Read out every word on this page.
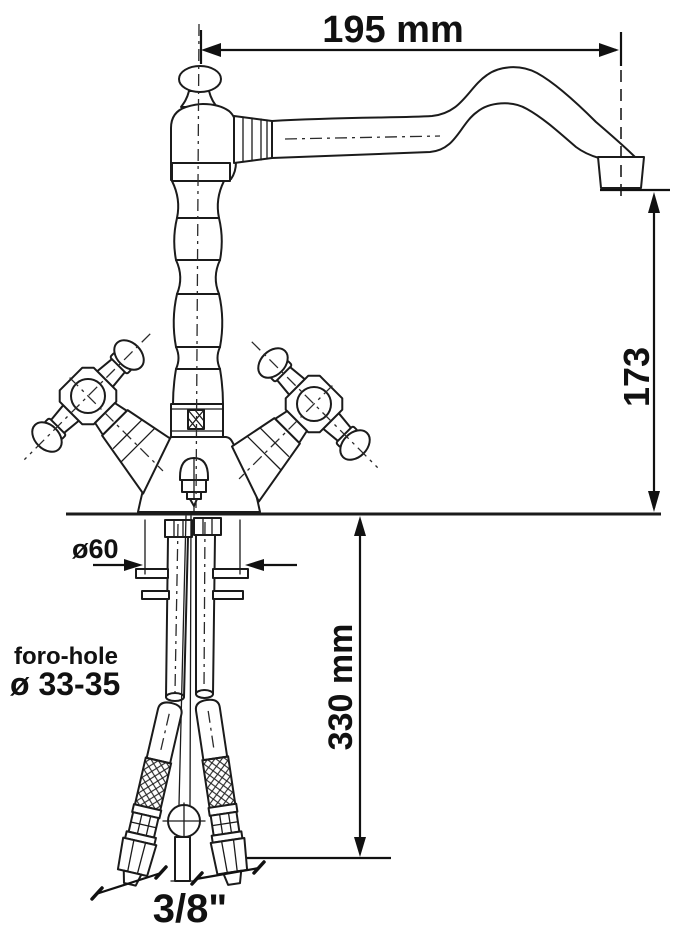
195 mm
173
ø60
foro-hole
ø 33-35	330 mm
3/8"
